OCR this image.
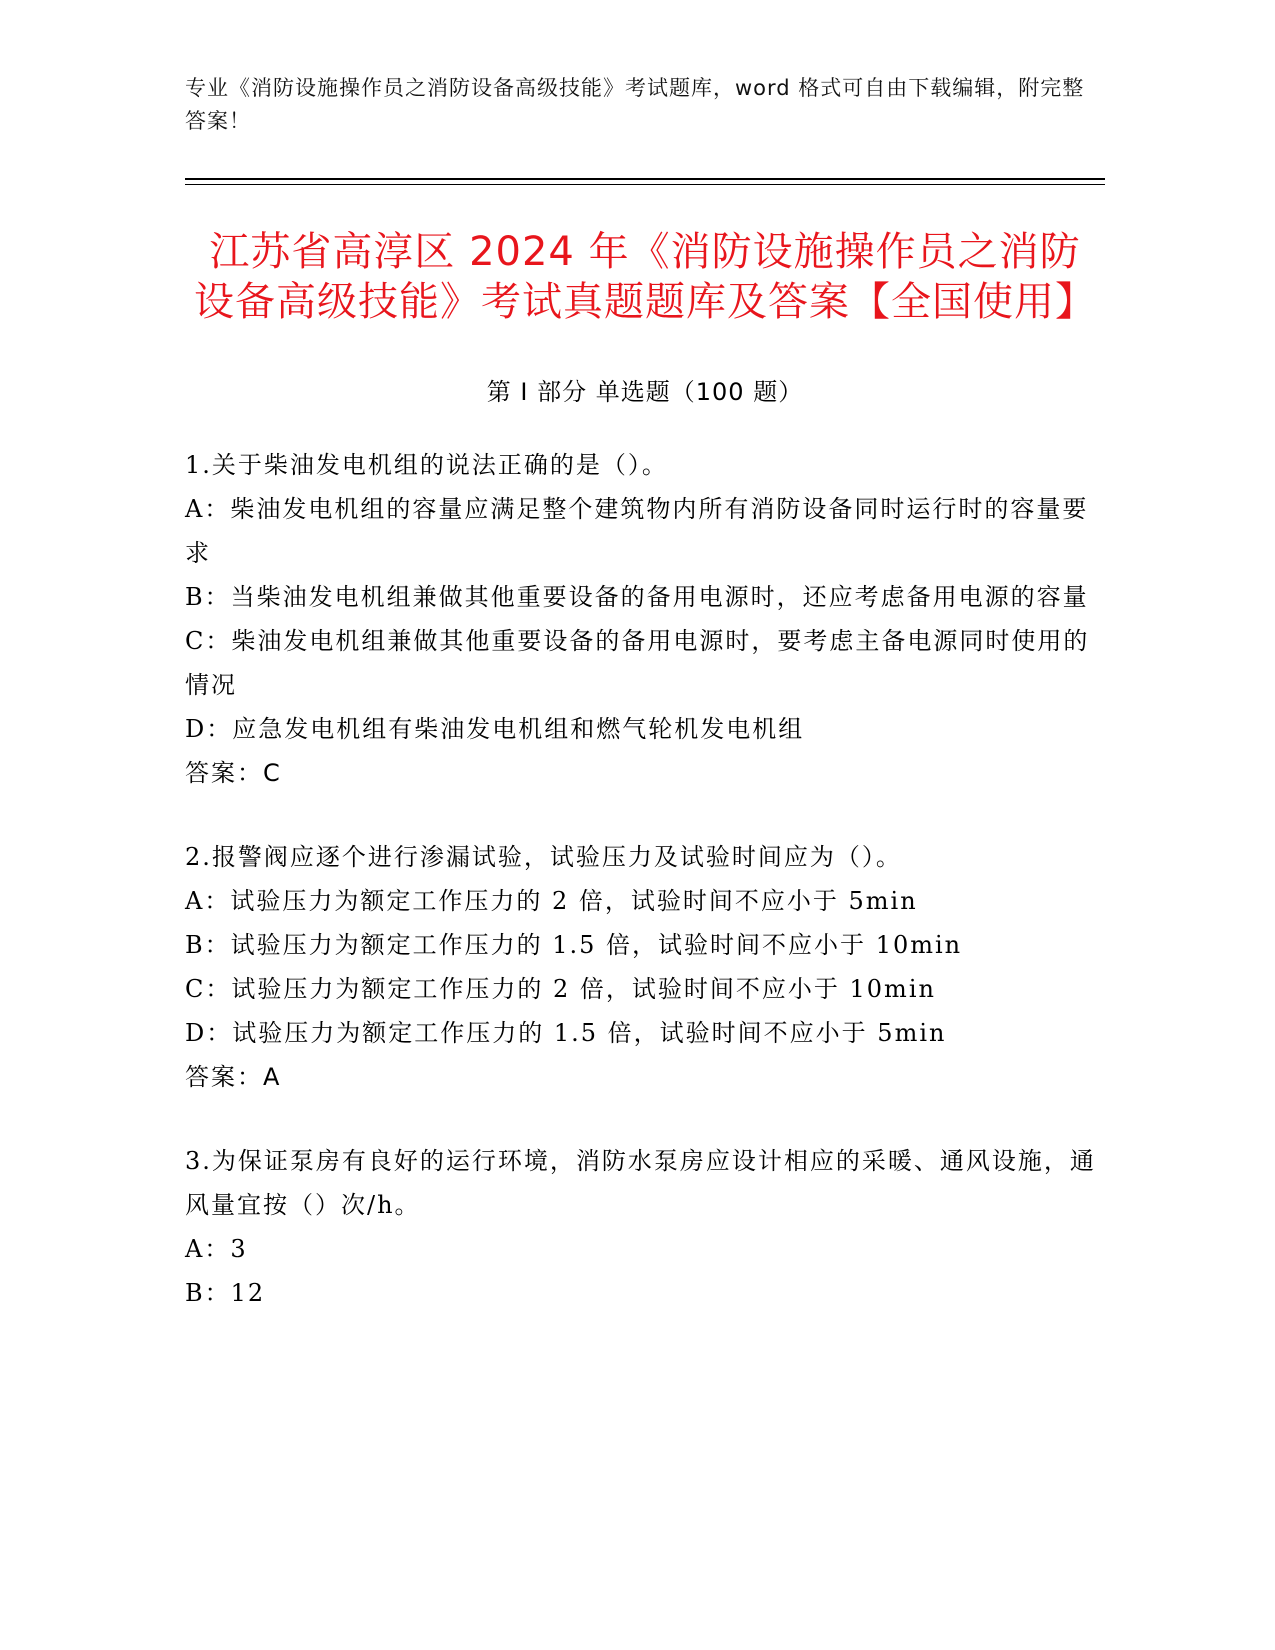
专业《消防设施操作员之消防设备高级技能》考试题库，word 格式可自由下载编辑，附完整答案！
江苏省高淳区 2024 年《消防设施操作员之消防设备高级技能》考试真题题库及答案【全国使用】
第 I 部分 单选题（100 题）
1.关于柴油发电机组的说法正确的是（）。
A：柴油发电机组的容量应满足整个建筑物内所有消防设备同时运行时的容量要求
B：当柴油发电机组兼做其他重要设备的备用电源时，还应考虑备用电源的容量
C：柴油发电机组兼做其他重要设备的备用电源时，要考虑主备电源同时使用的情况
D：应急发电机组有柴油发电机组和燃气轮机发电机组
答案：C
2.报警阀应逐个进行渗漏试验，试验压力及试验时间应为（）。
A：试验压力为额定工作压力的 2 倍，试验时间不应小于 5min
B：试验压力为额定工作压力的 1.5 倍，试验时间不应小于 10min
C：试验压力为额定工作压力的 2 倍，试验时间不应小于 10min
D：试验压力为额定工作压力的 1.5 倍，试验时间不应小于 5min
答案：A
3.为保证泵房有良好的运行环境，消防水泵房应设计相应的采暖、通风设施，通风量宜按（）次/h。
A：3
B：12
